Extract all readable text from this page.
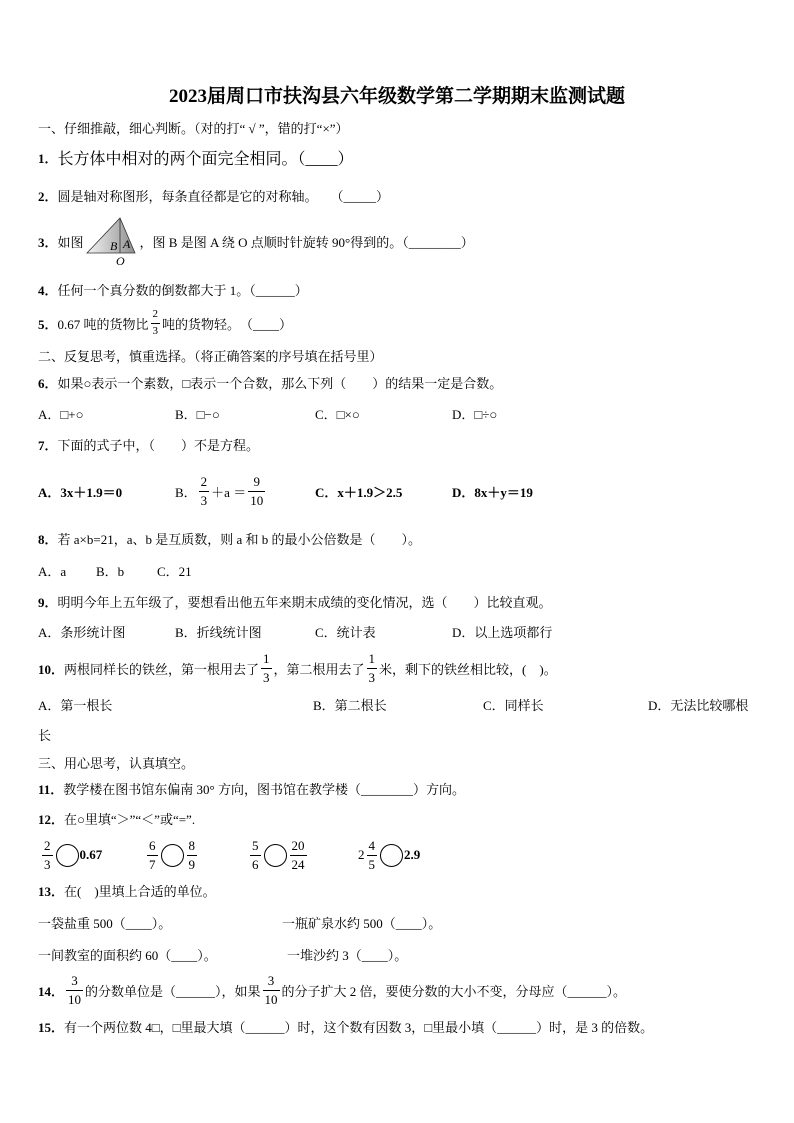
2023届周口市扶沟县六年级数学第二学期期末监测试题
一、仔细推敲，细心判断。（对的打“ √ ”，错的打“×”）
1． 长方体中相对的两个面完全相同。（____）
2． 圆是轴对称图形，每条直径都是它的对称轴。　　（_____）
3． 如图 B A
O
，图 B 是图 A 绕 O 点顺时针旋转 90°得到的。（________）
4． 任何一个真分数的倒数都大于 1。（______）
5． 0.67 吨的货物比 $\frac{2}{3}$ 吨的货物轻。　（____）
二、反复思考，慎重选择。（将正确答案的序号填在括号里）
6． 如果○表示一个素数，□表示一个合数，那么下列（　　）的结果一定是合数。
A．□+○	B．□−○	C．□×○	D．□÷○
7． 下面的式子中，（　　）不是方程。
A．3x＋1.9＝0	B． $\frac{2}{3} +a = \frac{9}{10}$	C．x＋1.9＞2.5	D．8x＋y＝19
8． 若 a×b=21，a、b 是互质数，则 a 和 b 的最小公倍数是（　　）。
A．a B．b	C．21
9． 明明今年上五年级了，要想看出他五年来期末成绩的变化情况，选（　　）比较直观。
A．条形统计图	B．折线统计图	C．统计表	D．以上选项都行
10． 两根同样长的铁丝，第一根用去了 $\frac{1}{3}$ ，第二根用去了 $\frac{1}{3}$ 米，剩下的铁丝相比较，(　)。
A．第一根长	B．第二根长	C．同样长	D．无法比较哪根
长
三、用心思考，认真填空。
11． 教学楼在图书馆东偏南 30° 方向，图书馆在教学楼（________）方向。
12． 在○里填“＞”“＜”或“=”.
$\frac{2}{3} 0.67$	$\frac{6}{7} \frac{8}{9}$	$\frac{5}{6} \frac{20}{24}$	$2 \frac{4}{5} 2.9$
13． 在(　)里填上合适的单位。
一袋盐重 500（____）。	一瓶矿泉水约 500（____）。
一间教室的面积约 60（____）。	一堆沙约 3（____）。
14． $\frac{3}{10}$ 的分数单位是（______），如果 $\frac{3}{10}$ 的分子扩大 2 倍，要使分数的大小不变，分母应（______）。
15． 有一个两位数 4□，□里最大填（______）时，这个数有因数 3，□里最小填（______）时，是 3 的倍数。
